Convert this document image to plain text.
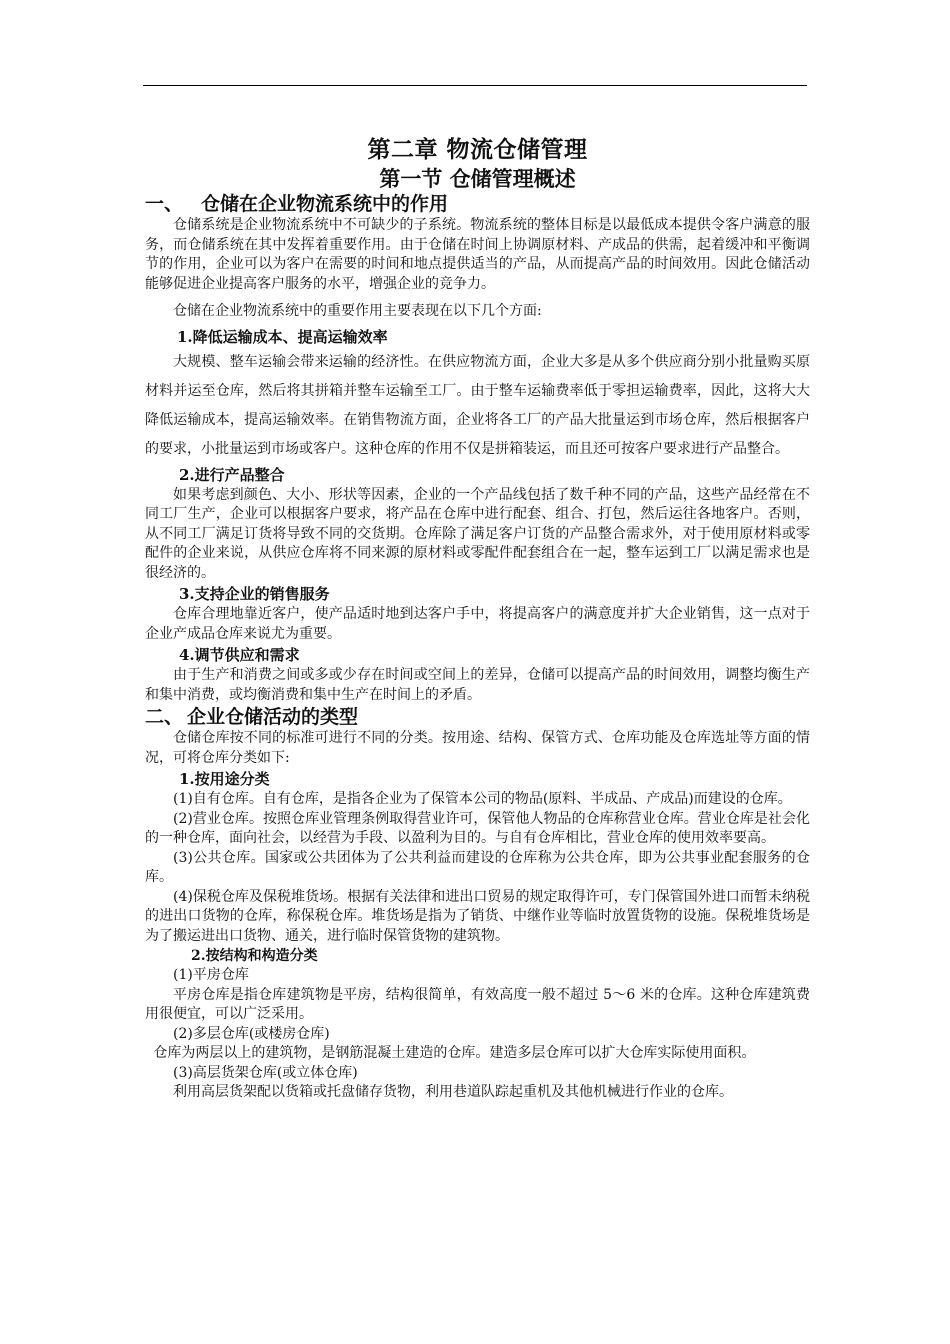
第二章 物流仓储管理
第一节 仓储管理概述
一、 仓储在企业物流系统中的作用

仓储系统是企业物流系统中不可缺少的子系统。物流系统的整体目标是以最低成本提供令客户满意的服务，而仓储系统在其中发挥着重要作用。由于仓储在时间上协调原材料、产成品的供需，起着缓冲和平衡调节的作用，企业可以为客户在需要的时间和地点提供适当的产品，从而提高产品的时间效用。因此仓储活动能够促进企业提高客户服务的水平，增强企业的竞争力。

仓储在企业物流系统中的重要作用主要表现在以下几个方面:

1.降低运输成本、提高运输效率

大规模、整车运输会带来运输的经济性。在供应物流方面，企业大多是从多个供应商分别小批量购买原材料并运至仓库，然后将其拼箱并整车运输至工厂。由于整车运输费率低于零担运输费率，因此，这将大大降低运输成本，提高运输效率。在销售物流方面，企业将各工厂的产品大批量运到市场仓库，然后根据客户的要求，小批量运到市场或客户。这种仓库的作用不仅是拼箱装运，而且还可按客户要求进行产品整合。

2.进行产品整合

如果考虑到颜色、大小、形状等因素，企业的一个产品线包括了数千种不同的产品，这些产品经常在不同工厂生产，企业可以根据客户要求，将产品在仓库中进行配套、组合、打包，然后运往各地客户。否则，从不同工厂满足订货将导致不同的交货期。仓库除了满足客户订货的产品整合需求外，对于使用原材料或零配件的企业来说，从供应仓库将不同来源的原材料或零配件配套组合在一起，整车运到工厂以满足需求也是很经济的。

3.支持企业的销售服务

仓库合理地靠近客户，使产品适时地到达客户手中，将提高客户的满意度并扩大企业销售，这一点对于企业产成品仓库来说尤为重要。

4.调节供应和需求

由于生产和消费之间或多或少存在时间或空间上的差异，仓储可以提高产品的时间效用，调整均衡生产和集中消费，或均衡消费和集中生产在时间上的矛盾。

二、 企业仓储活动的类型

仓储仓库按不同的标准可进行不同的分类。按用途、结构、保管方式、仓库功能及仓库选址等方面的情况，可将仓库分类如下:

1.按用途分类

(1)自有仓库。自有仓库，是指各企业为了保管本公司的物品(原料、半成品、产成品)而建设的仓库。

(2)营业仓库。按照仓库业管理条例取得营业许可，保管他人物品的仓库称营业仓库。营业仓库是社会化的一种仓库，面向社会，以经营为手段、以盈利为目的。与自有仓库相比，营业仓库的使用效率要高。

(3)公共仓库。国家或公共团体为了公共利益而建设的仓库称为公共仓库，即为公共事业配套服务的仓库。

(4)保税仓库及保税堆货场。根据有关法律和进出口贸易的规定取得许可，专门保管国外进口而暂未纳税的进出口货物的仓库，称保税仓库。堆货场是指为了销货、中继作业等临时放置货物的设施。保税堆货场是为了搬运进出口货物、通关，进行临时保管货物的建筑物。

2.按结构和构造分类

(1)平房仓库

平房仓库是指仓库建筑物是平房，结构很简单，有效高度一般不超过 5～6 米的仓库。这种仓库建筑费用很便宜，可以广泛采用。

(2)多层仓库(或楼房仓库)

仓库为两层以上的建筑物，是钢筋混凝土建造的仓库。建造多层仓库可以扩大仓库实际使用面积。

(3)高层货架仓库(或立体仓库)

利用高层货架配以货箱或托盘储存货物，利用巷道队踪起重机及其他机械进行作业的仓库。
